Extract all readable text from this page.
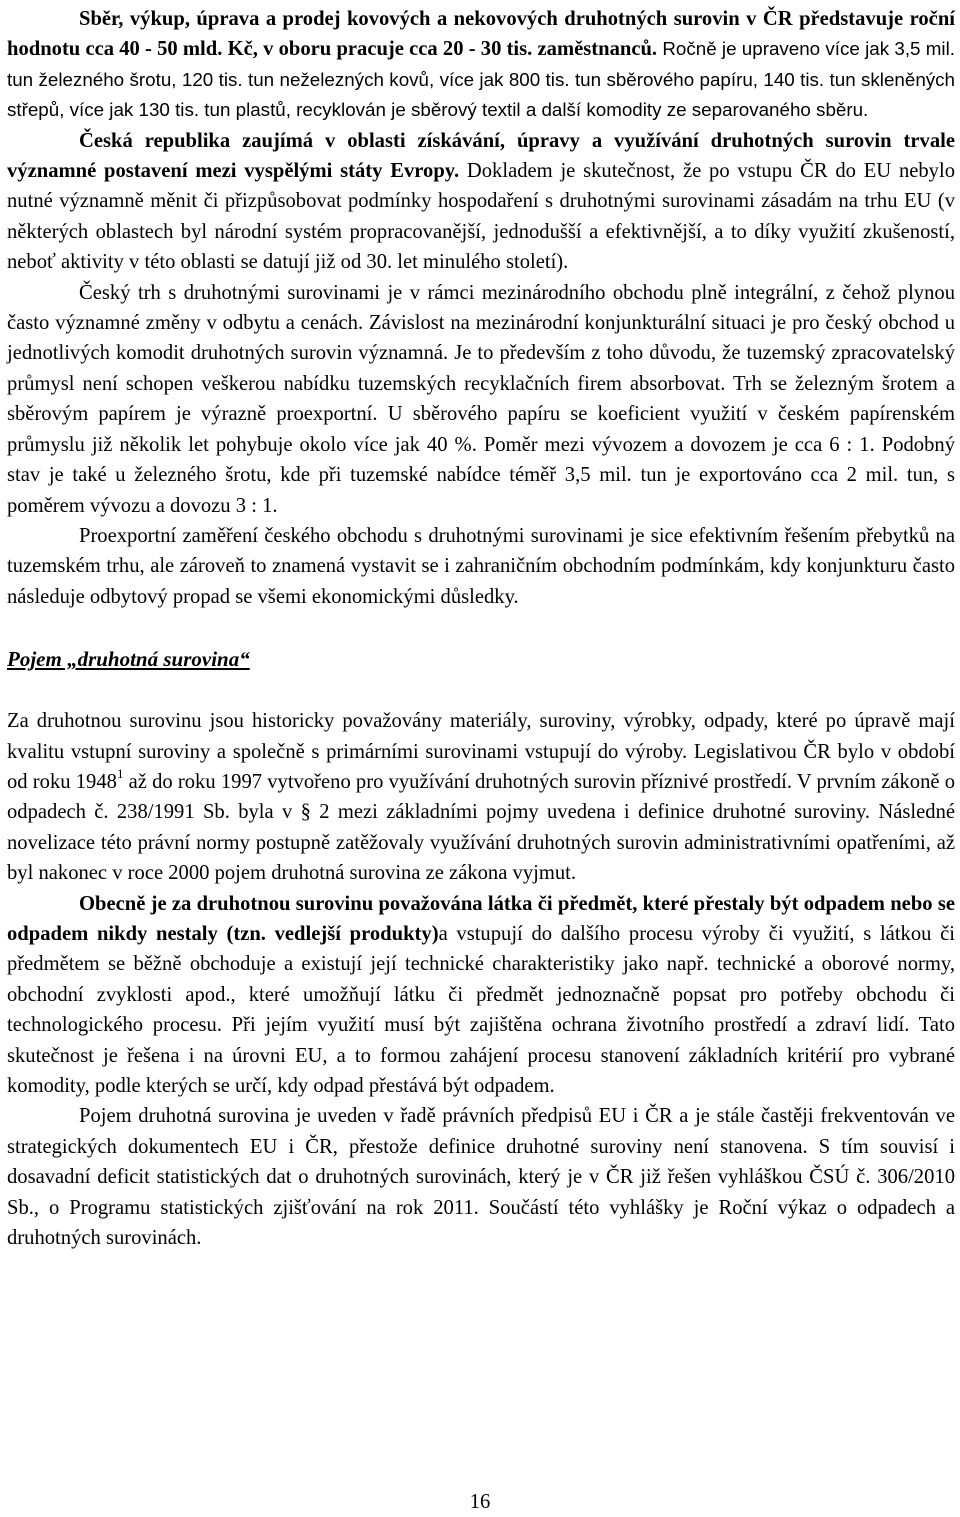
Sběr, výkup, úprava a prodej kovových a nekovových druhotných surovin v ČR představuje roční hodnotu cca 40 - 50 mld. Kč, v oboru pracuje cca 20 - 30 tis. zaměstnanců. Ročně je upraveno více jak 3,5 mil. tun železného šrotu, 120 tis. tun neželezných kovů, více jak 800 tis. tun sběrového papíru, 140 tis. tun skleněných střepů, více jak 130 tis. tun plastů, recyklován je sběrový textil a další komodity ze separovaného sběru.

Česká republika zaujímá v oblasti získávání, úpravy a využívání druhotných surovin trvale významné postavení mezi vyspělými státy Evropy. Dokladem je skutečnost, že po vstupu ČR do EU nebylo nutné významně měnit či přizpůsobovat podmínky hospodaření s druhotnými surovinami zásadám na trhu EU (v některých oblastech byl národní systém propracovanější, jednodušší a efektivnější, a to díky využití zkušeností, neboť aktivity v této oblasti se datují již od 30. let minulého století).

Český trh s druhotnými surovinami je v rámci mezinárodního obchodu plně integrální, z čehož plynou často významné změny v odbytu a cenách. Závislost na mezinárodní konjunkturální situaci je pro český obchod u jednotlivých komodit druhotných surovin významná. Je to především z toho důvodu, že tuzemský zpracovatelský průmysl není schopen veškerou nabídku tuzemských recyklačních firem absorbovat. Trh se železným šrotem a sběrovým papírem je výrazně proexportní. U sběrového papíru se koeficient využití v českém papírenském průmyslu již několik let pohybuje okolo více jak 40 %. Poměr mezi vývozem a dovozem je cca 6 : 1. Podobný stav je také u železného šrotu, kde při tuzemské nabídce téměř 3,5 mil. tun je exportováno cca 2 mil. tun, s poměrem vývozu a dovozu 3 : 1.

Proexportní zaměření českého obchodu s druhotnými surovinami je sice efektivním řešením přebytků na tuzemském trhu, ale zároveň to znamená vystavit se i zahraničním obchodním podmínkám, kdy konjunkturu často následuje odbytový propad se všemi ekonomickými důsledky.

Pojem „druhotná surovina“

Za druhotnou surovinu jsou historicky považovány materiály, suroviny, výrobky, odpady, které po úpravě mají kvalitu vstupní suroviny a společně s primárními surovinami vstupují do výroby. Legislativou ČR bylo v období od roku 1948$^1$ až do roku 1997 vytvořeno pro využívání druhotných surovin příznivé prostředí. V prvním zákoně o odpadech č. 238/1991 Sb. byla v § 2 mezi základními pojmy uvedena i definice druhotné suroviny. Následné novelizace této právní normy postupně zatěžovaly využívání druhotných surovin administrativními opatřeními, až byl nakonec v roce 2000 pojem druhotná surovina ze zákona vyjmut.

Obecně je za druhotnou surovinu považována látka či předmět, které přestaly být odpadem nebo se odpadem nikdy nestaly (tzn. vedlejší produkty)a vstupují do dalšího procesu výroby či využití, s látkou či předmětem se běžně obchoduje a existují její technické charakteristiky jako např. technické a oborové normy, obchodní zvyklosti apod., které umožňují látku či předmět jednoznačně popsat pro potřeby obchodu či technologického procesu. Při jejím využití musí být zajištěna ochrana životního prostředí a zdraví lidí. Tato skutečnost je řešena i na úrovni EU, a to formou zahájení procesu stanovení základních kritérií pro vybrané komodity, podle kterých se určí, kdy odpad přestává být odpadem.

Pojem druhotná surovina je uveden v řadě právních předpisů EU i ČR a je stále častěji frekventován ve strategických dokumentech EU i ČR, přestože definice druhotné suroviny není stanovena. S tím souvisí i dosavadní deficit statistických dat o druhotných surovinách, který je v ČR již řešen vyhláškou ČSÚ č. 306/2010 Sb., o Programu statistických zjišťování na rok 2011. Součástí této vyhlášky je Roční výkaz o odpadech a druhotných surovinách.

16
